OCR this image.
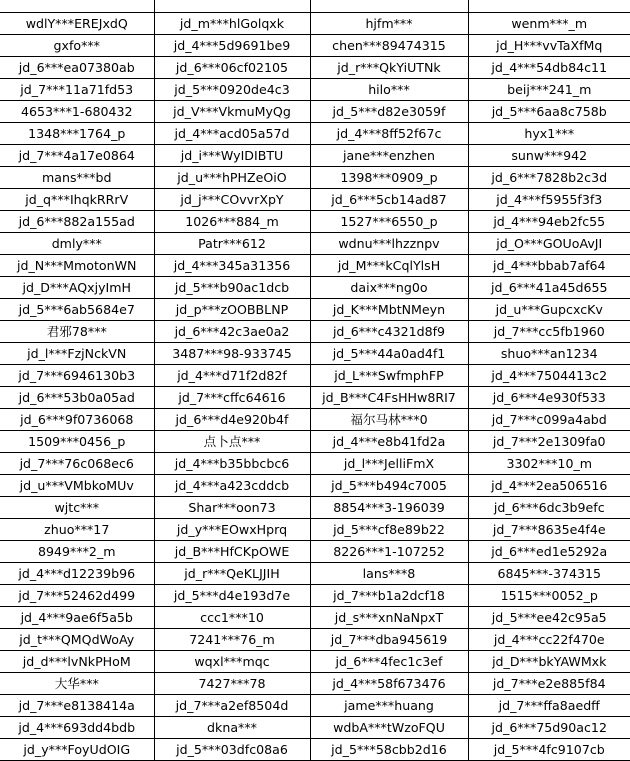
wdlY***EREJxdQ	jd_m***hlGolqxk	hjfm***	wenm***_m
gxfo***	jd_4***5d9691be9	chen***89474315	jd_H***vvTaXfMq
jd_6***ea07380ab	jd_6***06cf02105	jd_r***QkYiUTNk	jd_4***54db84c11
jd_7***11a71fd53	jd_5***0920de4c3	hilo***	beij***241_m
4653***1-680432	jd_V***VkmuMyQg	jd_5***d82e3059f	jd_5***6aa8c758b
1348***1764_p	jd_4***acd05a57d	jd_4***8ff52f67c	hyx1***
jd_7***4a17e0864	jd_i***WyIDIBTU	jane***enzhen	sunw***942
mans***bd	jd_u***hPHZeOiO	1398***0909_p	jd_6***7828b2c3d
jd_q***IhqkRRrV	jd_j***COvvrXpY	jd_6***5cb14ad87	jd_4***f5955f3f3
jd_6***882a155ad	1026***884_m	1527***6550_p	jd_4***94eb2fc55
dmly***	Patr***612	wdnu***lhzznpv	jd_O***GOUoAvJI
jd_N***MmotonWN	jd_4***345a31356	jd_M***kCqlYlsH	jd_4***bbab7af64
jd_D***AQxjyImH	jd_5***b90ac1dcb	daix***ng0o	jd_6***41a45d655
jd_5***6ab5684e7	jd_p***zOOBBLNP	jd_K***MbtNMeyn	jd_u***GupcxcKv
君邪78***	jd_6***42c3ae0a2	jd_6***c4321d8f9	jd_7***cc5fb1960
jd_l***FzjNckVN	3487***98-933745	jd_5***44a0ad4f1	shuo***an1234
jd_7***6946130b3	jd_4***d71f2d82f	jd_L***SwfmphFP	jd_4***7504413c2
jd_6***53b0a05ad	jd_7***cffc64616	jd_B***C4FsHHw8RI7	jd_6***4e930f533
jd_6***9f0736068	jd_6***d4e920b4f	福尔马林***0	jd_7***c099a4abd
1509***0456_p	点卜点***	jd_4***e8b41fd2a	jd_7***2e1309fa0
jd_7***76c068ec6	jd_4***b35bbcbc6	jd_l***JelliFmX	3302***10_m
jd_u***VMbkoMUv	jd_4***a423cddcb	jd_5***b494c7005	jd_4***2ea506516
wjtc***	Shar***oon73	8854***3-196039	jd_6***6dc3b9efc
zhuo***17	jd_y***EOwxHprq	jd_5***cf8e89b22	jd_7***8635e4f4e
8949***2_m	jd_B***HfCKpOWE	8226***1-107252	jd_6***ed1e5292a
jd_4***d12239b96	jd_r***QeKLJJIH	lans***8	6845***-374315
jd_7***52462d499	jd_5***d4e193d7e	jd_7***b1a2dcf18	1515***0052_p
jd_4***9ae6f5a5b	ccc1***10	jd_s***xnNaNpxT	jd_5***ee42c95a5
jd_t***QMQdWoAy	7241***76_m	jd_7***dba945619	jd_4***cc22f470e
jd_d***lvNkPHoM	wqxl***mqc	jd_6***4fec1c3ef	jd_D***bkYAWMxk
大华***	7427***78	jd_4***58f673476	jd_7***e2e885f84
jd_7***e8138414a	jd_7***a2ef8504d	jame***huang	jd_7***ffa8aedff
jd_4***693dd4bdb	dkna***	wdbA***tWzoFQU	jd_6***75d90ac12
jd_y***FoyUdOIG	jd_5***03dfc08a6	jd_5***58cbb2d16	jd_5***4fc9107cb
